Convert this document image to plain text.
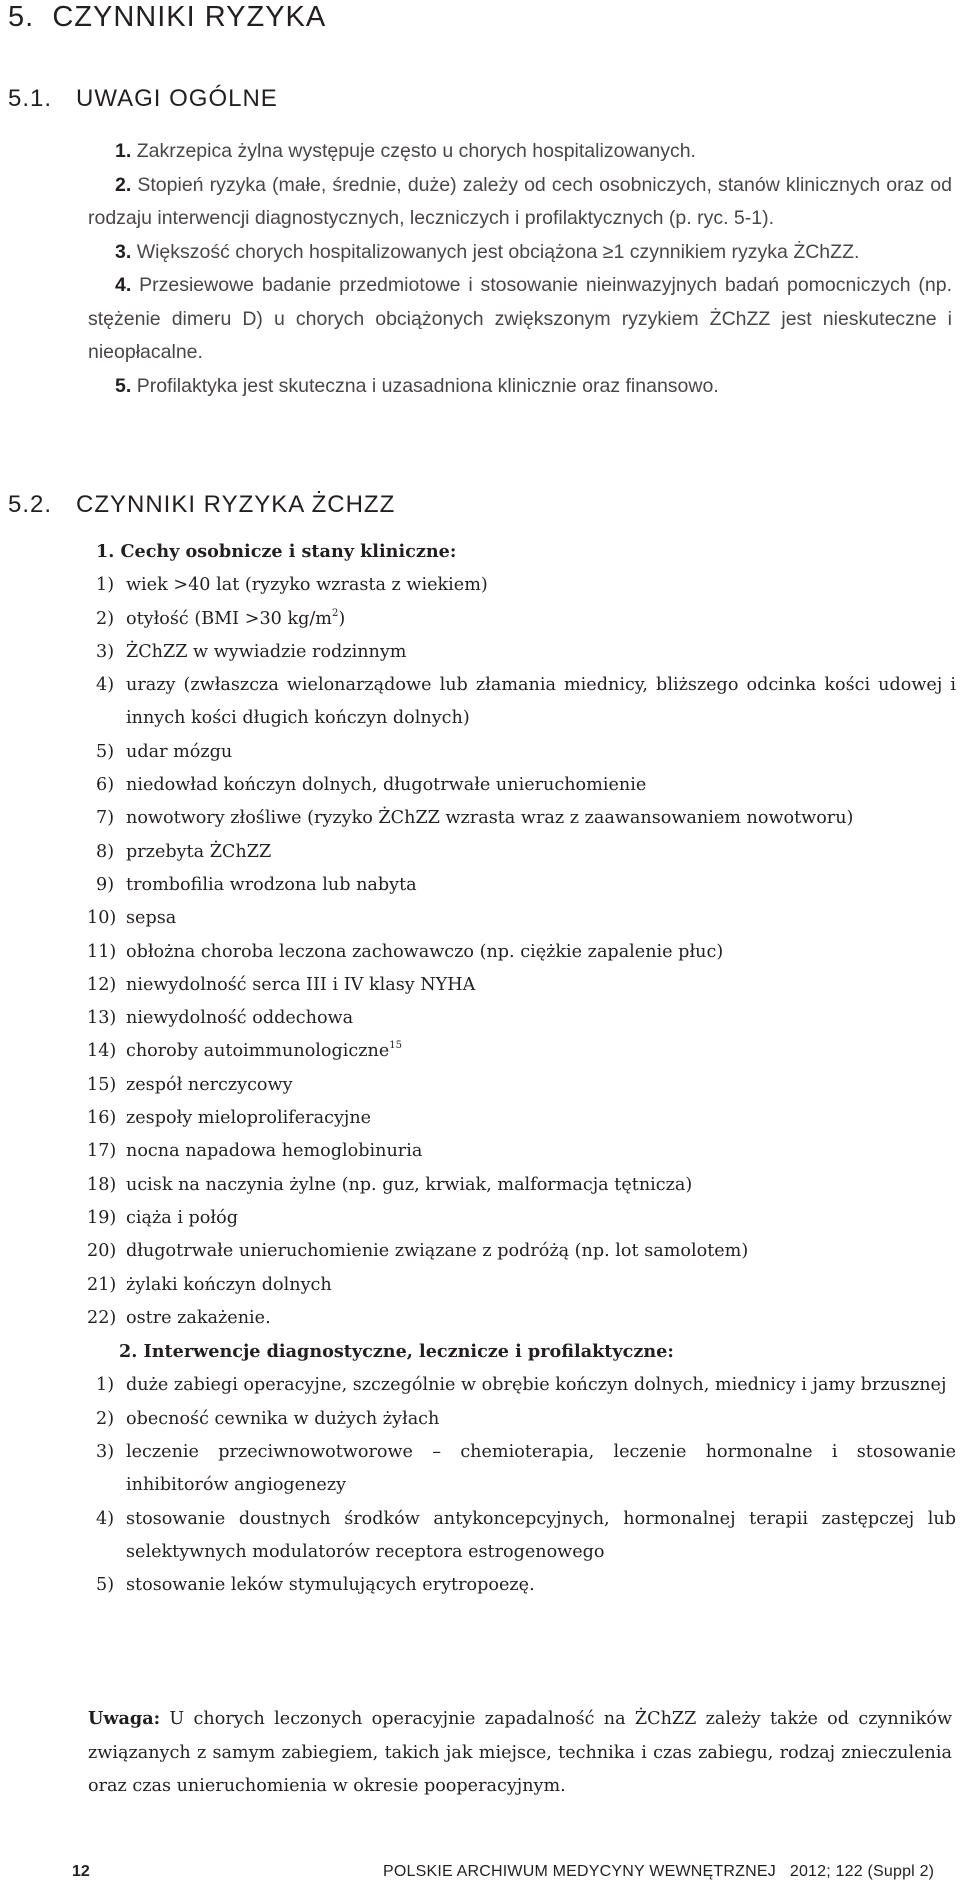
5. CZYNNIKI RYZYKA
5.1. UWAGI OGÓLNE

1. Zakrzepica żylna występuje często u chorych hospitalizowanych.

2. Stopień ryzyka (małe, średnie, duże) zależy od cech osobniczych, stanów klinicznych oraz od rodzaju interwencji diagnostycznych, leczniczych i profilaktycznych (p. ryc. 5-1).

3. Większość chorych hospitalizowanych jest obciążona ≥1 czynnikiem ryzyka ŻChZZ.

4. Przesiewowe badanie przedmiotowe i stosowanie nieinwazyjnych badań pomocniczych (np. stężenie dimeru D) u chorych obciążonych zwiększonym ryzykiem ŻChZZ jest nieskuteczne i nieopłacalne.

5. Profilaktyka jest skuteczna i uzasadniona klinicznie oraz finansowo.

5.2. CZYNNIKI RYZYKA ŻCHZZ

1. Cechy osobnicze i stany kliniczne:

1) wiek >40 lat (ryzyko wzrasta z wiekiem)

2) otyłość (BMI >30 $kg/m^2$)

3) ŻChZZ w wywiadzie rodzinnym

4) urazy (zwłaszcza wielonarządowe lub złamania miednicy, bliższego odcinka kości udowej i innych kości długich kończyn dolnych)

5) udar mózgu

6) niedowład kończyn dolnych, długotrwałe unieruchomienie

7) nowotwory złośliwe (ryzyko ŻChZZ wzrasta wraz z zaawansowaniem nowotworu)

8) przebyta ŻChZZ

9) trombofilia wrodzona lub nabyta

10) sepsa

11) obłożna choroba leczona zachowawczo (np. ciężkie zapalenie płuc)

12) niewydolność serca III i IV klasy NYHA

13) niewydolność oddechowa

14) choroby autoimmunologiczne$^{15}$

15) zespół nerczycowy

16) zespoły mieloproliferacyjne

17) nocna napadowa hemoglobinuria

18) ucisk na naczynia żylne (np. guz, krwiak, malformacja tętnicza)

19) ciąża i połóg

20) długotrwałe unieruchomienie związane z podróżą (np. lot samolotem)

21) żylaki kończyn dolnych

22) ostre zakażenie.

2. Interwencje diagnostyczne, lecznicze i profilaktyczne:

1) duże zabiegi operacyjne, szczególnie w obrębie kończyn dolnych, miednicy i jamy brzusznej

2) obecność cewnika w dużych żyłach

3) leczenie przeciwnowotworowe – chemioterapia, leczenie hormonalne i stosowanie inhibitorów angiogenezy

4) stosowanie doustnych środków antykoncepcyjnych, hormonalnej terapii zastępczej lub selektywnych modulatorów receptora estrogenowego

5) stosowanie leków stymulujących erytropoezę.

Uwaga: U chorych leczonych operacyjnie zapadalność na ŻChZZ zależy także od czynników związanych z samym zabiegiem, takich jak miejsce, technika i czas zabiegu, rodzaj znieczulenia oraz czas unieruchomienia w okresie pooperacyjnym.
12	POLSKIE ARCHIWUM MEDYCYNY WEWNĘTRZNEJ   2012; 122 (Suppl 2)
